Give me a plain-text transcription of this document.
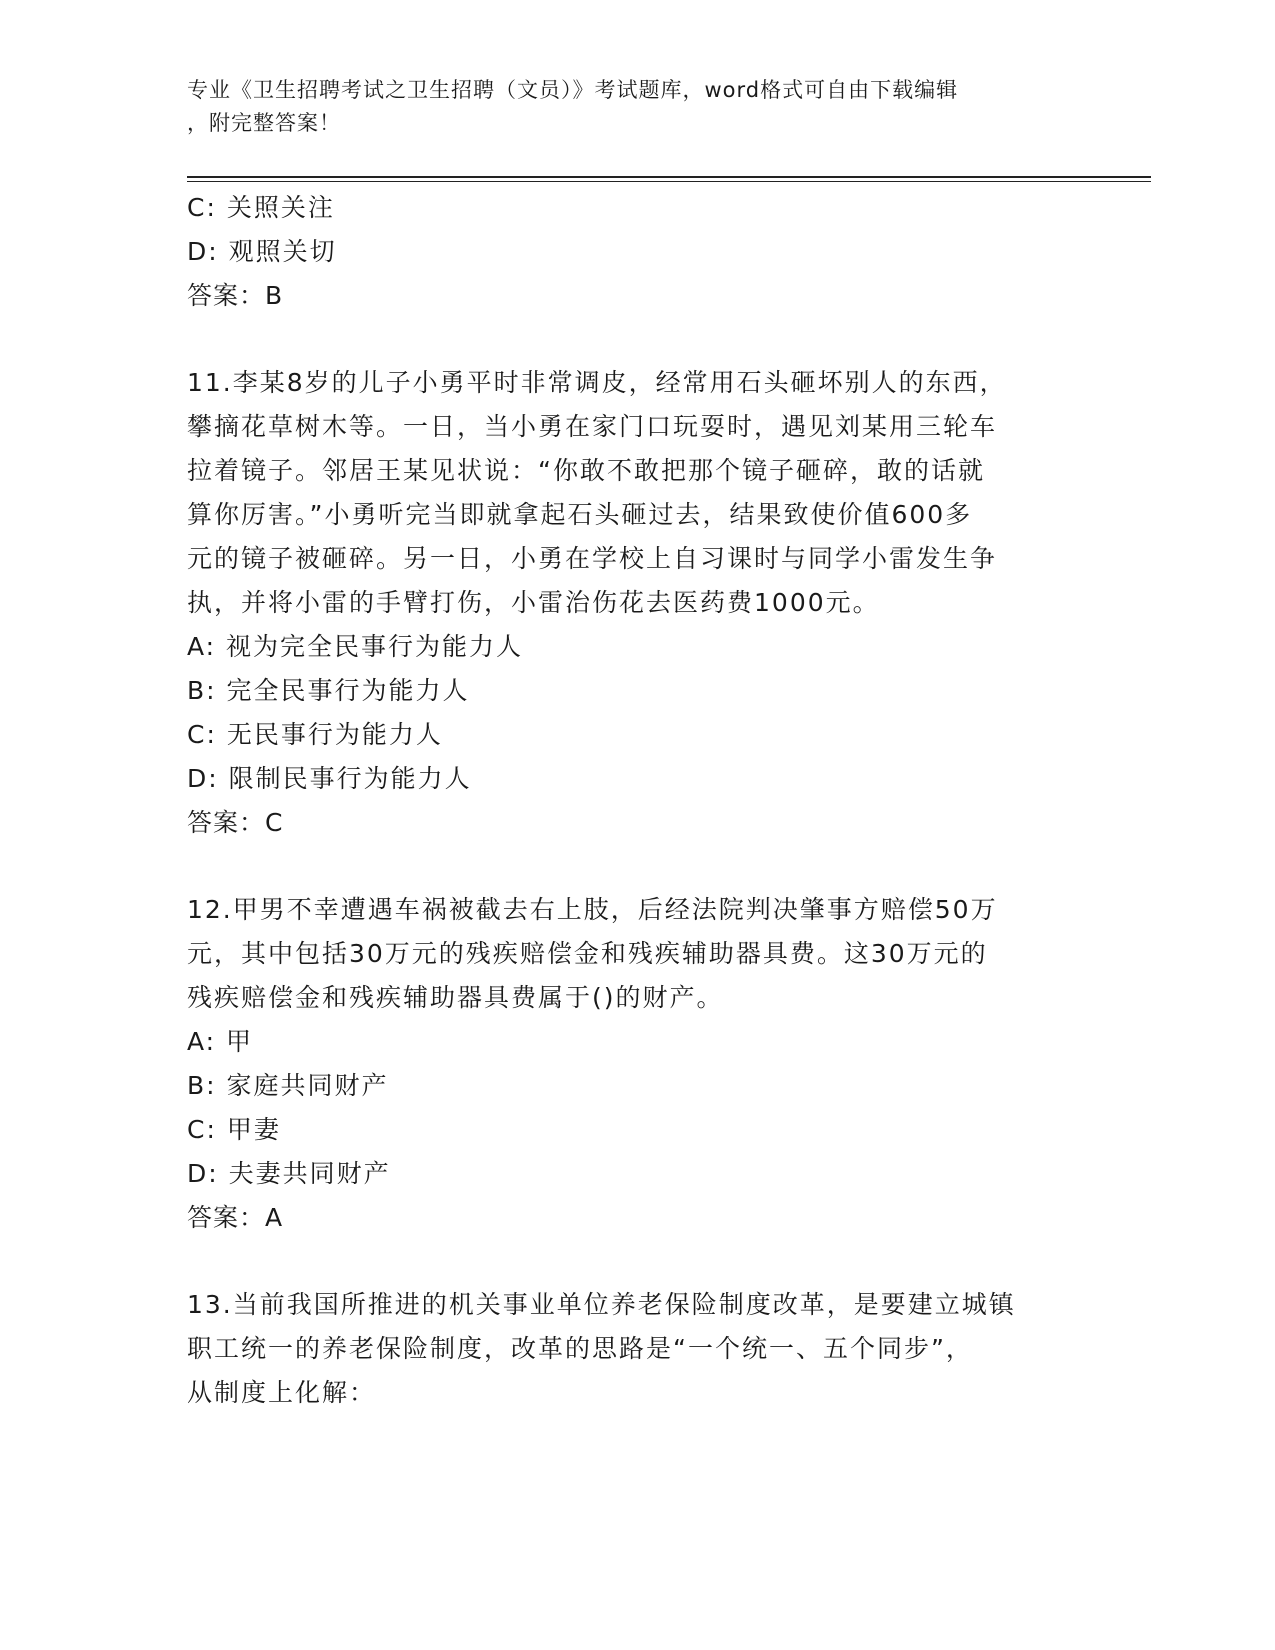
专业《卫生招聘考试之卫生招聘（文员）》考试题库，word格式可自由下载编辑
，附完整答案！

C: 关照关注

D: 观照关切

答案：B

11.李某8岁的儿子小勇平时非常调皮，经常用石头砸坏别人的东西，

攀摘花草树木等。一日，当小勇在家门口玩耍时，遇见刘某用三轮车

拉着镜子。邻居王某见状说：“你敢不敢把那个镜子砸碎，敢的话就

算你厉害。”小勇听完当即就拿起石头砸过去，结果致使价值600多

元的镜子被砸碎。另一日，小勇在学校上自习课时与同学小雷发生争

执，并将小雷的手臂打伤，小雷治伤花去医药费1000元。

A: 视为完全民事行为能力人

B: 完全民事行为能力人

C: 无民事行为能力人

D: 限制民事行为能力人

答案：C

12.甲男不幸遭遇车祸被截去右上肢，后经法院判决肇事方赔偿50万

元，其中包括30万元的残疾赔偿金和残疾辅助器具费。这30万元的

残疾赔偿金和残疾辅助器具费属于()的财产。

A: 甲

B: 家庭共同财产

C: 甲妻

D: 夫妻共同财产

答案：A

13.当前我国所推进的机关事业单位养老保险制度改革，是要建立城镇

职工统一的养老保险制度，改革的思路是“一个统一、五个同步”，

从制度上化解：
